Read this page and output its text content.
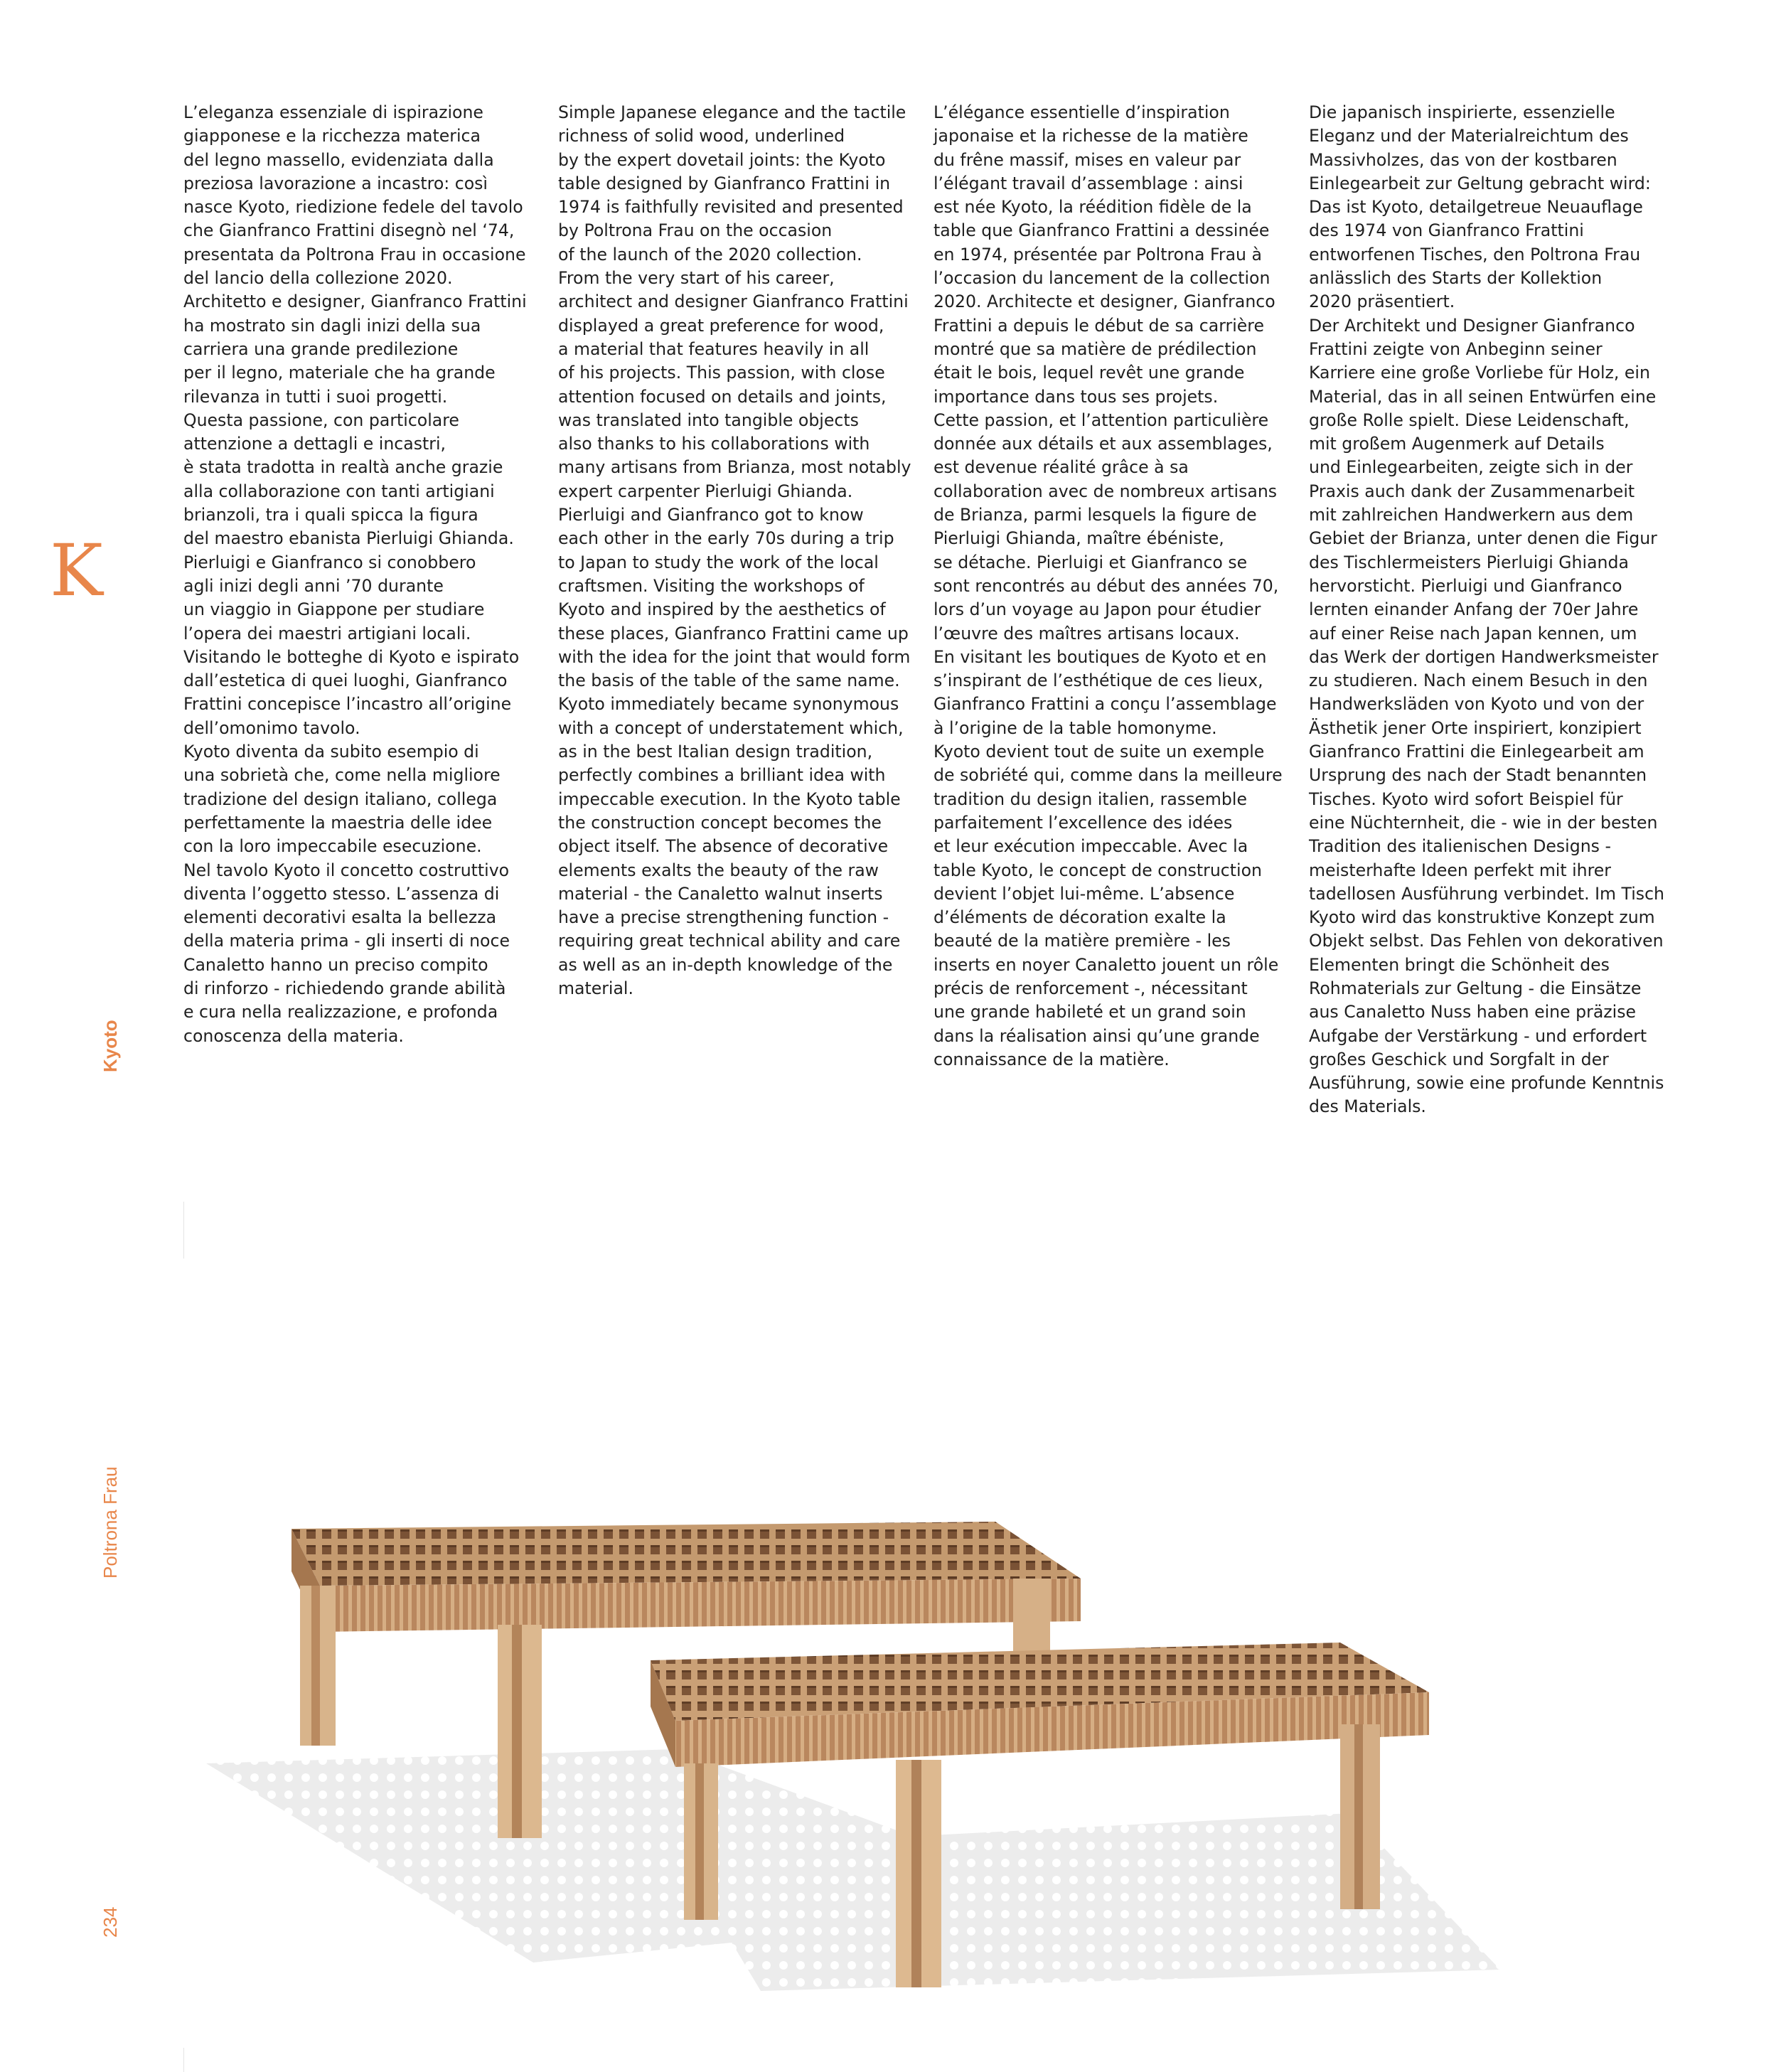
K
Kyoto
Poltrona Frau
234
L’eleganza essenziale di ispirazione
giapponese e la ricchezza materica
del legno massello, evidenziata dalla
preziosa lavorazione a incastro: così
nasce Kyoto, riedizione fedele del tavolo
che Gianfranco Frattini disegnò nel ‘74,
presentata da Poltrona Frau in occasione
del lancio della collezione 2020.
Architetto e designer, Gianfranco Frattini
ha mostrato sin dagli inizi della sua
carriera una grande predilezione
per il legno, materiale che ha grande
rilevanza in tutti i suoi progetti.
Questa passione, con particolare
attenzione a dettagli e incastri,
è stata tradotta in realtà anche grazie
alla collaborazione con tanti artigiani
brianzoli, tra i quali spicca la figura
del maestro ebanista Pierluigi Ghianda.
Pierluigi e Gianfranco si conobbero
agli inizi degli anni ’70 durante
un viaggio in Giappone per studiare
l’opera dei maestri artigiani locali.
Visitando le botteghe di Kyoto e ispirato
dall’estetica di quei luoghi, Gianfranco
Frattini concepisce l’incastro all’origine
dell’omonimo tavolo.
Kyoto diventa da subito esempio di
una sobrietà che, come nella migliore
tradizione del design italiano, collega
perfettamente la maestria delle idee
con la loro impeccabile esecuzione.
Nel tavolo Kyoto il concetto costruttivo
diventa l’oggetto stesso. L’assenza di
elementi decorativi esalta la bellezza
della materia prima - gli inserti di noce
Canaletto hanno un preciso compito
di rinforzo - richiedendo grande abilità
e cura nella realizzazione, e profonda
conoscenza della materia.
Simple Japanese elegance and the tactile
richness of solid wood, underlined
by the expert dovetail joints: the Kyoto
table designed by Gianfranco Frattini in
1974 is faithfully revisited and presented
by Poltrona Frau on the occasion
of the launch of the 2020 collection.
From the very start of his career,
architect and designer Gianfranco Frattini
displayed a great preference for wood,
a material that features heavily in all
of his projects. This passion, with close
attention focused on details and joints,
was translated into tangible objects
also thanks to his collaborations with
many artisans from Brianza, most notably
expert carpenter Pierluigi Ghianda.
Pierluigi and Gianfranco got to know
each other in the early 70s during a trip
to Japan to study the work of the local
craftsmen. Visiting the workshops of
Kyoto and inspired by the aesthetics of
these places, Gianfranco Frattini came up
with the idea for the joint that would form
the basis of the table of the same name.
Kyoto immediately became synonymous
with a concept of understatement which,
as in the best Italian design tradition,
perfectly combines a brilliant idea with
impeccable execution. In the Kyoto table
the construction concept becomes the
object itself. The absence of decorative
elements exalts the beauty of the raw
material - the Canaletto walnut inserts
have a precise strengthening function -
requiring great technical ability and care
as well as an in-depth knowledge of the
material.
L’élégance essentielle d’inspiration
japonaise et la richesse de la matière
du frêne massif, mises en valeur par
l’élégant travail d’assemblage : ainsi
est née Kyoto, la réédition fidèle de la
table que Gianfranco Frattini a dessinée
en 1974, présentée par Poltrona Frau à
l’occasion du lancement de la collection
2020. Architecte et designer, Gianfranco
Frattini a depuis le début de sa carrière
montré que sa matière de prédilection
était le bois, lequel revêt une grande
importance dans tous ses projets.
Cette passion, et l’attention particulière
donnée aux détails et aux assemblages,
est devenue réalité grâce à sa
collaboration avec de nombreux artisans
de Brianza, parmi lesquels la figure de
Pierluigi Ghianda, maître ébéniste,
se détache. Pierluigi et Gianfranco se
sont rencontrés au début des années 70,
lors d’un voyage au Japon pour étudier
l’œuvre des maîtres artisans locaux.
En visitant les boutiques de Kyoto et en
s’inspirant de l’esthétique de ces lieux,
Gianfranco Frattini a conçu l’assemblage
à l’origine de la table homonyme.
Kyoto devient tout de suite un exemple
de sobriété qui, comme dans la meilleure
tradition du design italien, rassemble
parfaitement l’excellence des idées
et leur exécution impeccable. Avec la
table Kyoto, le concept de construction
devient l’objet lui-même. L’absence
d’éléments de décoration exalte la
beauté de la matière première - les
inserts en noyer Canaletto jouent un rôle
précis de renforcement -, nécessitant
une grande habileté et un grand soin
dans la réalisation ainsi qu’une grande
connaissance de la matière.
Die japanisch inspirierte, essenzielle
Eleganz und der Materialreichtum des
Massivholzes, das von der kostbaren
Einlegearbeit zur Geltung gebracht wird:
Das ist Kyoto, detailgetreue Neuauflage
des 1974 von Gianfranco Frattini
entworfenen Tisches, den Poltrona Frau
anlässlich des Starts der Kollektion
2020 präsentiert.
Der Architekt und Designer Gianfranco
Frattini zeigte von Anbeginn seiner
Karriere eine große Vorliebe für Holz, ein
Material, das in all seinen Entwürfen eine
große Rolle spielt. Diese Leidenschaft,
mit großem Augenmerk auf Details
und Einlegearbeiten, zeigte sich in der
Praxis auch dank der Zusammenarbeit
mit zahlreichen Handwerkern aus dem
Gebiet der Brianza, unter denen die Figur
des Tischlermeisters Pierluigi Ghianda
hervorsticht. Pierluigi und Gianfranco
lernten einander Anfang der 70er Jahre
auf einer Reise nach Japan kennen, um
das Werk der dortigen Handwerksmeister
zu studieren. Nach einem Besuch in den
Handwerksläden von Kyoto und von der
Ästhetik jener Orte inspiriert, konzipiert
Gianfranco Frattini die Einlegearbeit am
Ursprung des nach der Stadt benannten
Tisches. Kyoto wird sofort Beispiel für
eine Nüchternheit, die - wie in der besten
Tradition des italienischen Designs -
meisterhafte Ideen perfekt mit ihrer
tadellosen Ausführung verbindet. Im Tisch
Kyoto wird das konstruktive Konzept zum
Objekt selbst. Das Fehlen von dekorativen
Elementen bringt die Schönheit des
Rohmaterials zur Geltung - die Einsätze
aus Canaletto Nuss haben eine präzise
Aufgabe der Verstärkung - und erfordert
großes Geschick und Sorgfalt in der
Ausführung, sowie eine profunde Kenntnis
des Materials.
